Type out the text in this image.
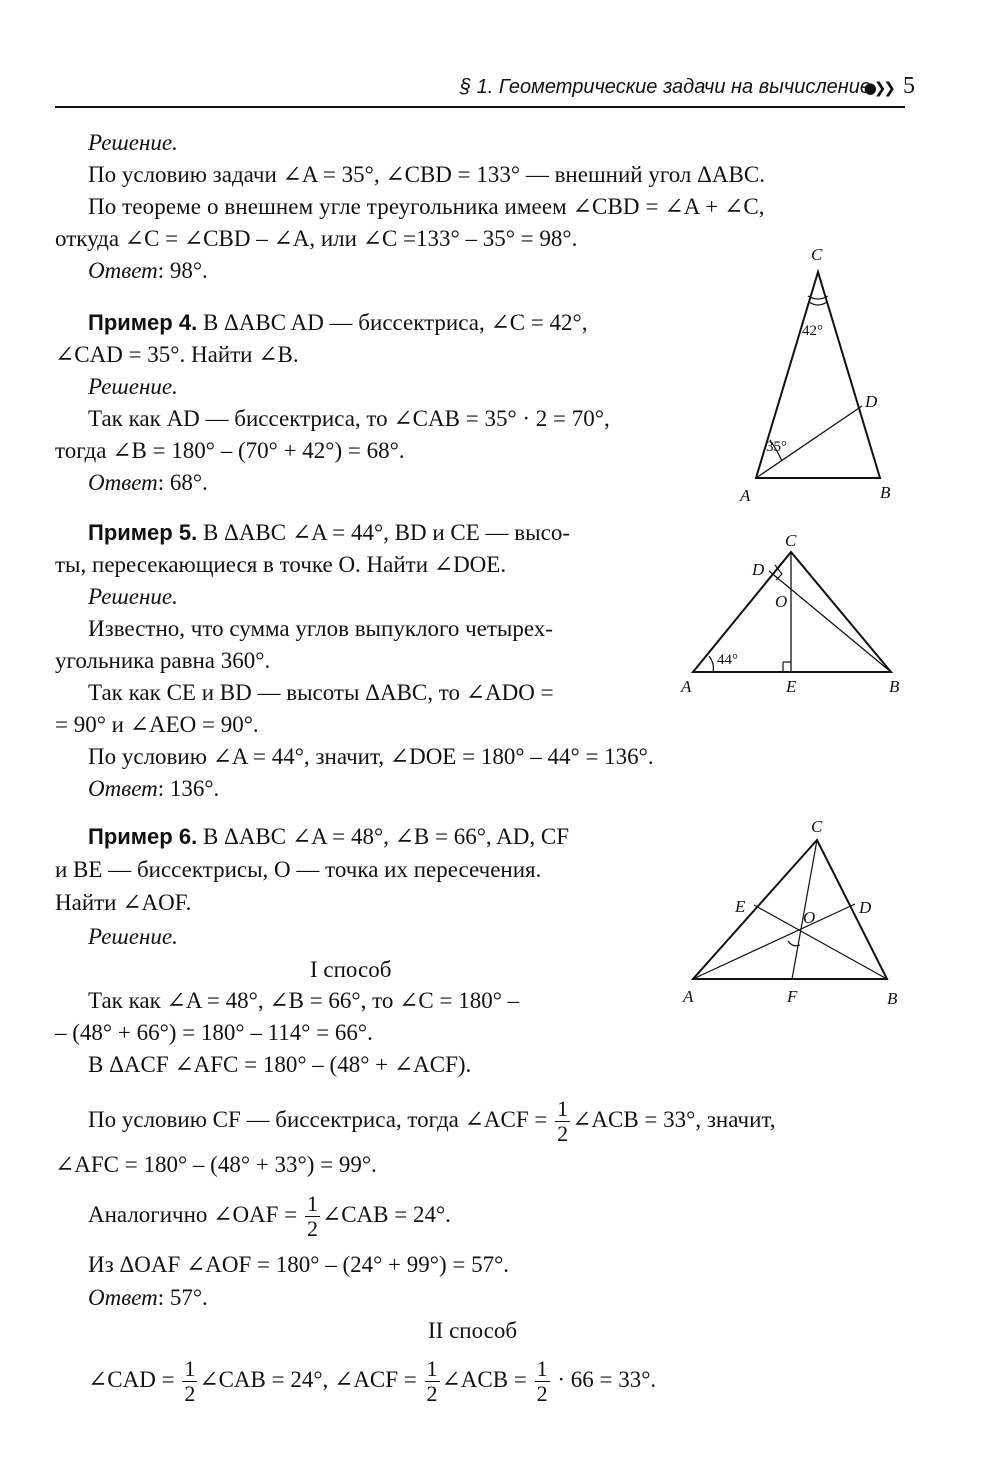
§ 1. Геометрические задачи на вычисление
●❯❯ 5
Решение.
По условию задачи ∠A = 35°, ∠CBD = 133° — внешний угол ΔABC.
По теореме о внешнем угле треугольника имеем ∠CBD = ∠A + ∠C,
откуда ∠C = ∠CBD – ∠A, или ∠C =133° – 35° = 98°.
Ответ: 98°.
Пример 4. В ΔABC AD — биссектриса, ∠C = 42°,
∠CAD = 35°. Найти ∠B.
Решение.
Так как AD — биссектриса, то ∠CAB = 35° · 2 = 70°,
тогда ∠B = 180° – (70° + 42°) = 68°.
Ответ: 68°.
C
A	B
D
42°
35°
Пример 5. В ΔABC ∠A = 44°, BD и CE — высо-
ты, пересекающиеся в точке O. Найти ∠DOE.
Решение.
Известно, что сумма углов выпуклого четырех-
угольника равна 360°.
Так как CE и BD — высоты ΔABC, то ∠ADO =
= 90° и ∠AEO = 90°.
По условию ∠A = 44°, значит, ∠DOE = 180° – 44° = 136°.
Ответ: 136°.
C
D
O
A	E	B
44°
Пример 6. В ΔABC ∠A = 48°, ∠B = 66°, AD, CF
и BE — биссектрисы, O — точка их пересечения.
Найти ∠AOF.
Решение.
I способ
Так как ∠A = 48°, ∠B = 66°, то ∠C = 180° –
– (48° + 66°) = 180° – 114° = 66°.
В ΔACF ∠AFC = 180° – (48° + ∠ACF).
По условию CF — биссектриса, тогда ∠ACF = $\frac{1}{2}$ ∠ACB = 33°, значит,
∠AFC = 180° – (48° + 33°) = 99°.
Аналогично ∠OAF = $\frac{1}{2}$ ∠CAB = 24°.
Из ΔOAF ∠AOF = 180° – (24° + 99°) = 57°.
Ответ: 57°.
II способ
∠CAD = $\frac{1}{2}$ ∠CAB = 24°, ∠ACF = $\frac{1}{2}$ ∠ACB = $\frac{1}{2} \cdot 66 = 33^\circ$.
C
E	D
O
A	F	B
